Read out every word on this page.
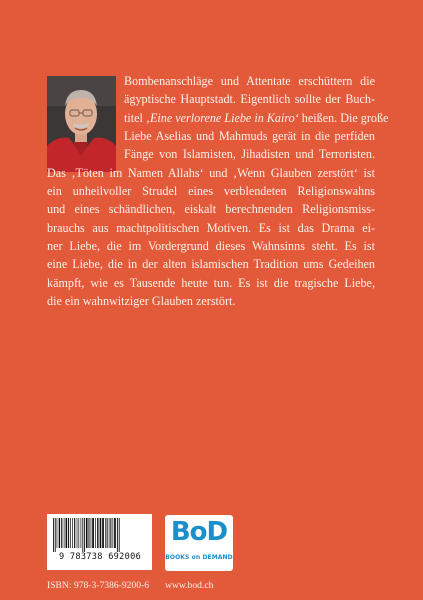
Bombenanschläge und Attentate erschüttern die
ägyptische Hauptstadt. Eigentlich sollte der Buch-
titel ‚Eine verlorene Liebe in Kairo‘ heißen. Die große
Liebe Aselias und Mahmuds gerät in die perfiden
Fänge von Islamisten, Jihadisten und Terroristen.
Das ‚Töten im Namen Allahs‘ und ‚Wenn Glauben zerstört‘ ist
ein unheilvoller Strudel eines verblendeten Religionswahns
und eines schändlichen, eiskalt berechnenden Religionsmiss-
brauchs aus machtpolitischen Motiven. Es ist das Drama ei-
ner Liebe, die im Vordergrund dieses Wahnsinns steht. Es ist
eine Liebe, die in der alten islamischen Tradition ums Gedeihen
kämpft, wie es Tausende heute tun. Es ist die tragische Liebe,
die ein wahnwitziger Glauben zerstört.
9 783738 692006
BoD
BOOKS on DEMAND
ISBN: 978-3-7386-9200-6 www.bod.ch
